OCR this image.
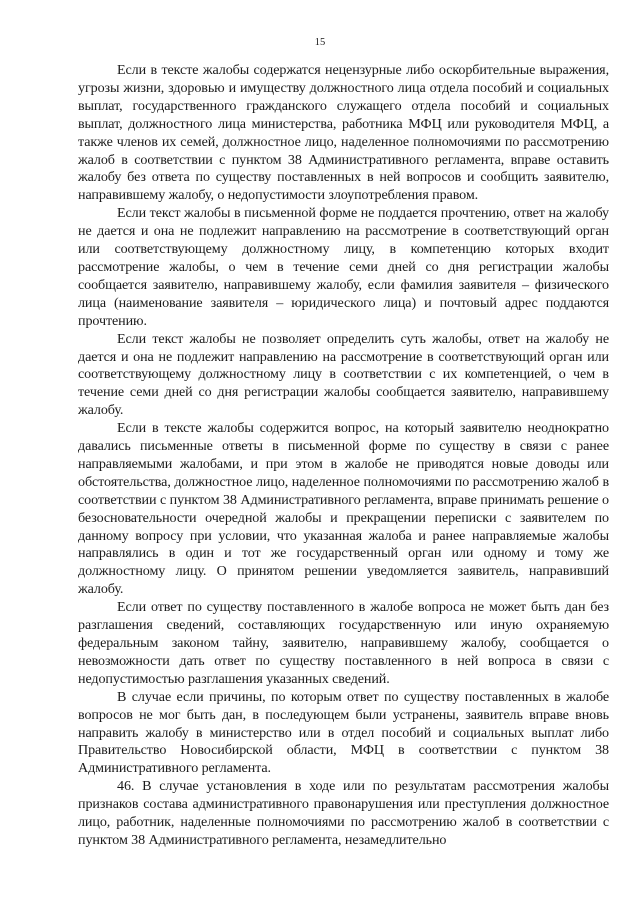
15

Если в тексте жалобы содержатся нецензурные либо оскорбительные выражения, угрозы жизни, здоровью и имуществу должностного лица отдела пособий и социальных выплат, государственного гражданского служащего отдела пособий и социальных выплат, должностного лица министерства, работника МФЦ или руководителя МФЦ, а также членов их семей, должностное лицо, наделенное полномочиями по рассмотрению жалоб в соответствии с пунктом 38 Административного регламента, вправе оставить жалобу без ответа по существу поставленных в ней вопросов и сообщить заявителю, направившему жалобу, о недопустимости злоупотребления правом.

Если текст жалобы в письменной форме не поддается прочтению, ответ на жалобу не дается и она не подлежит направлению на рассмотрение в соответствующий орган или соответствующему должностному лицу, в компетенцию которых входит рассмотрение жалобы, о чем в течение семи дней со дня регистрации жалобы сообщается заявителю, направившему жалобу, если фамилия заявителя – физического лица (наименование заявителя – юридического лица) и почтовый адрес поддаются прочтению.

Если текст жалобы не позволяет определить суть жалобы, ответ на жалобу не дается и она не подлежит направлению на рассмотрение в соответствующий орган или соответствующему должностному лицу в соответствии с их компетенцией, о чем в течение семи дней со дня регистрации жалобы сообщается заявителю, направившему жалобу.

Если в тексте жалобы содержится вопрос, на который заявителю неоднократно давались письменные ответы в письменной форме по существу в связи с ранее направляемыми жалобами, и при этом в жалобе не приводятся новые доводы или обстоятельства, должностное лицо, наделенное полномочиями по рассмотрению жалоб в соответствии с пунктом 38 Административного регламента, вправе принимать решение о безосновательности очередной жалобы и прекращении переписки с заявителем по данному вопросу при условии, что указанная жалоба и ранее направляемые жалобы направлялись в один и тот же государственный орган или одному и тому же должностному лицу. О принятом решении уведомляется заявитель, направивший жалобу.

Если ответ по существу поставленного в жалобе вопроса не может быть дан без разглашения сведений, составляющих государственную или иную охраняемую федеральным законом тайну, заявителю, направившему жалобу, сообщается о невозможности дать ответ по существу поставленного в ней вопроса в связи с недопустимостью разглашения указанных сведений.

В случае если причины, по которым ответ по существу поставленных в жалобе вопросов не мог быть дан, в последующем были устранены, заявитель вправе вновь направить жалобу в министерство или в отдел пособий и социальных выплат либо Правительство Новосибирской области, МФЦ в соответствии с пунктом 38 Административного регламента.

46. В случае установления в ходе или по результатам рассмотрения жалобы признаков состава административного правонарушения или преступления должностное лицо, работник, наделенные полномочиями по рассмотрению жалоб в соответствии с пунктом 38 Административного регламента, незамедлительно
